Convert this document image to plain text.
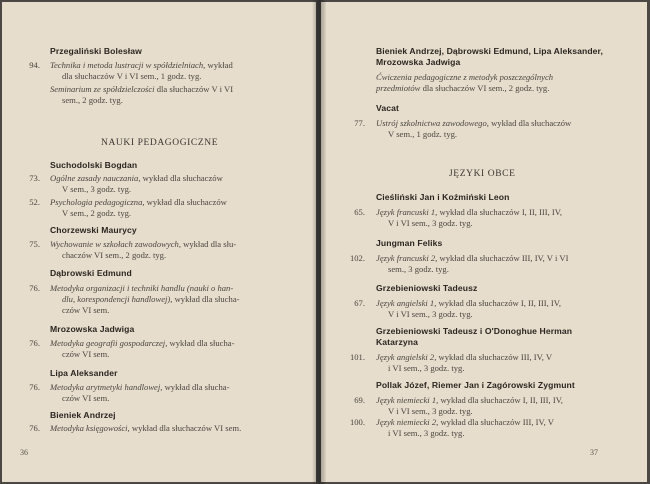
Przegaliński Bolesław
94. Technika i metoda lustracji w spółdzielniach, wykład
dla słuchaczów V i VI sem., 1 godz. tyg.
Seminarium ze spółdzielczości dla słuchaczów V i VI
sem., 2 godz. tyg.
NAUKI PEDAGOGICZNE
Suchodolski Bogdan
73. Ogólne zasady nauczania, wykład dla słuchaczów
V sem., 3 godz. tyg.
52. Psychologia pedagogiczna, wykład dla słuchaczów
V sem., 2 godz. tyg.
Chorzewski Maurycy
75. Wychowanie w szkołach zawodowych, wykład dla słu-
chaczów VI sem., 2 godz. tyg.
Dąbrowski Edmund
76. Metodyka organizacji i techniki handlu (nauki o han-
dlu, korespondencji handlowej), wykład dla słucha-
czów VI sem.
Mrozowska Jadwiga
76. Metodyka geografii gospodarczej, wykład dla słucha-
czów VI sem.
Lipa Aleksander
76. Metodyka arytmetyki handlowej, wykład dla słucha-
czów VI sem.
Bieniek Andrzej
76. Metodyka księgowości, wykład dla słuchaczów VI sem.
36
Bieniek Andrzej, Dąbrowski Edmund, Lipa Aleksander,
Mrozowska Jadwiga
Ćwiczenia pedagogiczne z metodyk poszczególnych
przedmiotów dla słuchaczów VI sem., 2 godz. tyg.
Vacat
77. Ustrój szkolnictwa zawodowego, wykład dla słuchaczów
V sem., 1 godz. tyg.
JĘZYKI OBCE
Cieśliński Jan i Koźmiński Leon
65. Język francuski 1, wykład dla słuchaczów I, II, III, IV,
V i VI sem., 3 godz. tyg.
Jungman Feliks
102. Język francuski 2, wykład dla słuchaczów III, IV, V i VI
sem., 3 godz. tyg.
Grzebieniowski Tadeusz
67. Język angielski 1, wykład dla słuchaczów I, II, III, IV,
V i VI sem., 3 godz. tyg.
Grzebieniowski Tadeusz i O'Donoghue Herman
Katarzyna
101. Język angielski 2, wykład dla słuchaczów III, IV, V
i VI sem., 3 godz. tyg.
Pollak Józef, Riemer Jan i Zagórowski Zygmunt
69. Język niemiecki 1, wykład dla słuchaczów I, II, III, IV,
V i VI sem., 3 godz. tyg.
100. Język niemiecki 2, wykład dla słuchaczów III, IV, V
i VI sem., 3 godz. tyg.
37
